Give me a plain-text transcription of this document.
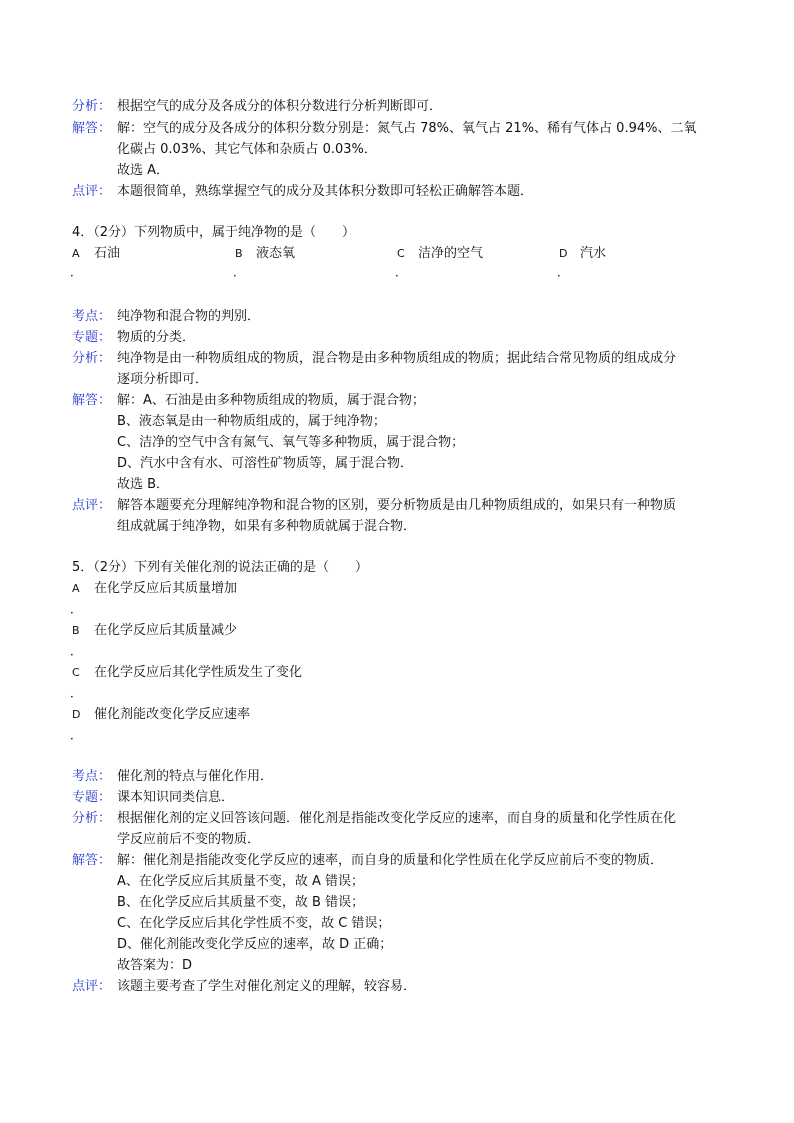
分析： 根据空气的成分及各成分的体积分数进行分析判断即可．
解答： 解：空气的成分及各成分的体积分数分别是：氮气占 78%、氧气占 21%、稀有气体占 0.94%、二氧
化碳占 0.03%、其它气体和杂质占 0.03%．
故选 A．
点评： 本题很简单，熟练掌握空气的成分及其体积分数即可轻松正确解答本题．
4．（2分）下列物质中，属于纯净物的是（　　）
A 石油	B 液态氧	C 洁净的空气	D 汽水
．	．	．	．
考点： 纯净物和混合物的判别．
专题： 物质的分类．
分析： 纯净物是由一种物质组成的物质，混合物是由多种物质组成的物质；据此结合常见物质的组成成分
逐项分析即可．
解答： 解：A、石油是由多种物质组成的物质，属于混合物；
B、液态氧是由一种物质组成的，属于纯净物；
C、洁净的空气中含有氮气、氧气等多种物质，属于混合物；
D、汽水中含有水、可溶性矿物质等，属于混合物．
故选 B．
点评： 解答本题要充分理解纯净物和混合物的区别，要分析物质是由几种物质组成的，如果只有一种物质
组成就属于纯净物，如果有多种物质就属于混合物．
5．（2分）下列有关催化剂的说法正确的是（　　）
A 在化学反应后其质量增加
．
B 在化学反应后其质量减少
．
C 在化学反应后其化学性质发生了变化
．
D 催化剂能改变化学反应速率
．
考点： 催化剂的特点与催化作用．
专题： 课本知识同类信息．
分析： 根据催化剂的定义回答该问题．催化剂是指能改变化学反应的速率，而自身的质量和化学性质在化
学反应前后不变的物质．
解答： 解：催化剂是指能改变化学反应的速率，而自身的质量和化学性质在化学反应前后不变的物质．
A、在化学反应后其质量不变，故 A 错误；
B、在化学反应后其质量不变，故 B 错误；
C、在化学反应后其化学性质不变，故 C 错误；
D、催化剂能改变化学反应的速率，故 D 正确；
故答案为：D
点评： 该题主要考查了学生对催化剂定义的理解，较容易．
